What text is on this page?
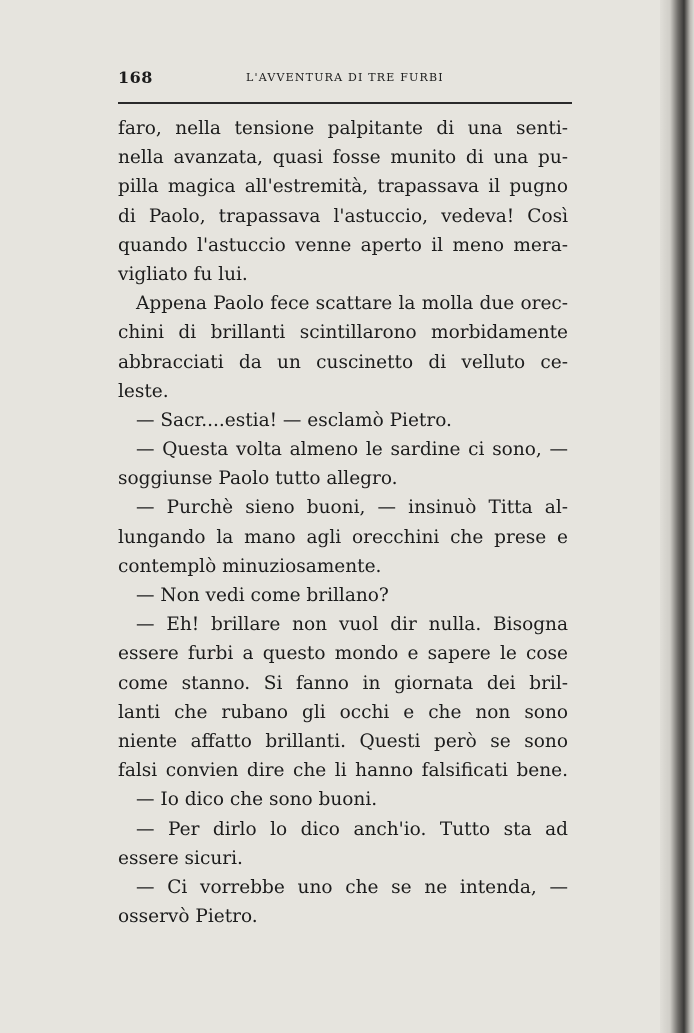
168	L'AVVENTURA DI TRE FURBI
faro, nella tensione palpitante di una senti-
nella avanzata, quasi fosse munito di una pu-
pilla magica all'estremità, trapassava il pugno
di Paolo, trapassava l'astuccio, vedeva! Così
quando l'astuccio venne aperto il meno mera-
vigliato fu lui.
Appena Paolo fece scattare la molla due orec-
chini di brillanti scintillarono morbidamente
abbracciati da un cuscinetto di velluto ce-
leste.
— Sacr....estia! — esclamò Pietro.
— Questa volta almeno le sardine ci sono, —
soggiunse Paolo tutto allegro.
— Purchè sieno buoni, — insinuò Titta al-
lungando la mano agli orecchini che prese e
contemplò minuziosamente.
— Non vedi come brillano?
— Eh! brillare non vuol dir nulla. Bisogna
essere furbi a questo mondo e sapere le cose
come stanno. Si fanno in giornata dei bril-
lanti che rubano gli occhi e che non sono
niente affatto brillanti. Questi però se sono
falsi convien dire che li hanno falsificati bene.
— Io dico che sono buoni.
— Per dirlo lo dico anch'io. Tutto sta ad
essere sicuri.
— Ci vorrebbe uno che se ne intenda, —
osservò Pietro.
